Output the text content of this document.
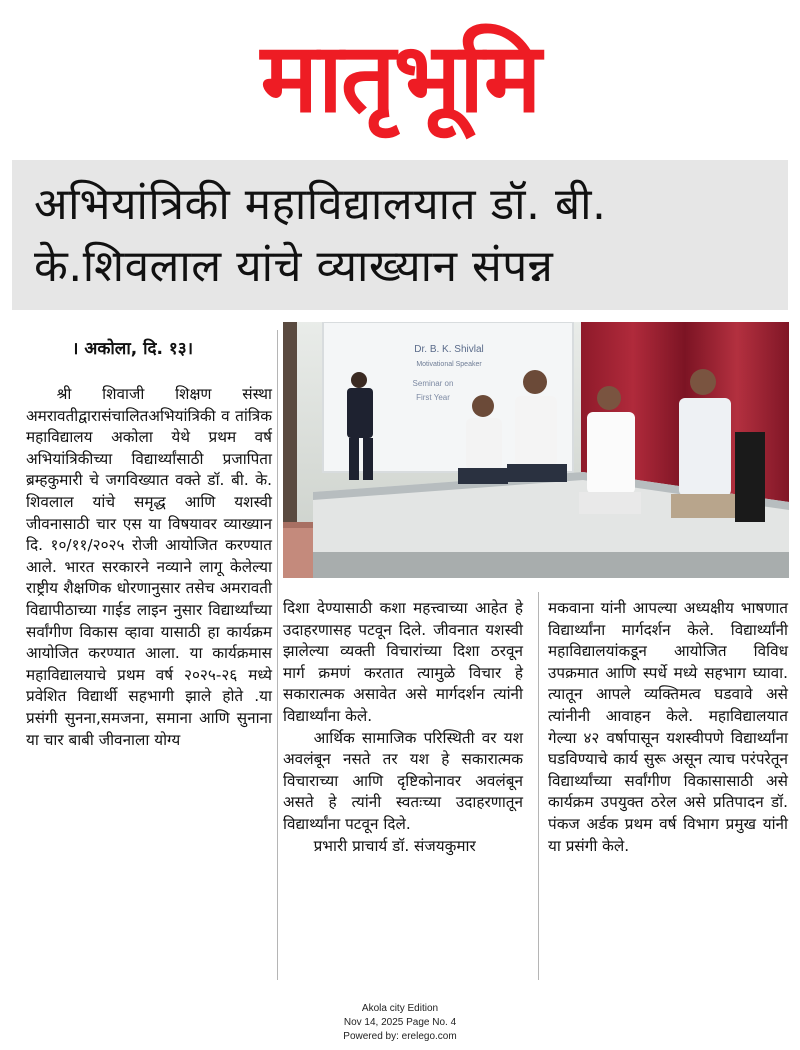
मातृभूमि
अभियांत्रिकी महाविद्यालयात डॉ. बी. के.शिवलाल यांचे व्याख्यान संपन्न
। अकोला, दि. १३।

श्री शिवाजी शिक्षण संस्था अमरावतीद्वारासंचालितअभियांत्रिकी व तांत्रिक महाविद्यालय अकोला येथे प्रथम वर्ष अभियांत्रिकीच्या विद्यार्थ्यांसाठी प्रजापिता ब्रम्हकुमारी चे जगविख्यात वक्ते डॉ. बी. के. शिवलाल यांचे समृद्ध आणि यशस्वी जीवनासाठी चार एस या विषयावर व्याख्यान दि. १०/११/२०२५ रोजी आयोजित करण्यात आले. भारत सरकारने नव्याने लागू केलेल्या राष्ट्रीय शैक्षणिक धोरणानुसार तसेच अमरावती विद्यापीठाच्या गाईड लाइन नुसार विद्यार्थ्यांच्या सर्वांगीण विकास व्हावा यासाठी हा कार्यक्रम आयोजित करण्यात आला. या कार्यक्रमास महाविद्यालयाचे प्रथम वर्ष २०२५-२६ मध्ये प्रवेशित विद्यार्थी सहभागी झाले होते .या प्रसंगी सुनना,समजना, समाना आणि सुनाना या चार बाबी जीवनाला योग्य

Dr. B. K. Shivlal
Motivational Speaker
Seminar on
First Year

दिशा देण्यासाठी कशा महत्त्वाच्या आहेत हे उदाहरणासह पटवून दिले. जीवनात यशस्वी झालेल्या व्यक्ती विचारांच्या दिशा ठरवून मार्ग क्रमणं करतात त्यामुळे विचार हे सकारात्मक असावेत असे मार्गदर्शन त्यांनी विद्यार्थ्यांना केले.

आर्थिक सामाजिक परिस्थिती वर यश अवलंबून नसते तर यश हे सकारात्मक विचाराच्या आणि दृष्टिकोनावर अवलंबून असते हे त्यांनी स्वतःच्या उदाहरणातून विद्यार्थ्यांना पटवून दिले.

प्रभारी प्राचार्य डॉ. संजयकुमार

मकवाना यांनी आपल्या अध्यक्षीय भाषणात विद्यार्थ्यांना मार्गदर्शन केले. विद्यार्थ्यांनी महाविद्यालयांकडून आयोजित विविध उपक्रमात आणि स्पर्धे मध्ये सहभाग घ्यावा. त्यातून आपले व्यक्तिमत्व घडवावे असे त्यांनीनी आवाहन केले. महाविद्यालयात गेल्या ४२ वर्षापासून यशस्वीपणे विद्यार्थ्यांना घडविण्याचे कार्य सुरू असून त्याच परंपरेतून विद्यार्थ्यांच्या सर्वांगीण विकासासाठी असे कार्यक्रम उपयुक्त ठरेल असे प्रतिपादन डॉ. पंकज अर्डक प्रथम वर्ष विभाग प्रमुख यांनी या प्रसंगी केले.

Akola city Edition
Nov 14, 2025 Page No. 4
Powered by: erelego.com
